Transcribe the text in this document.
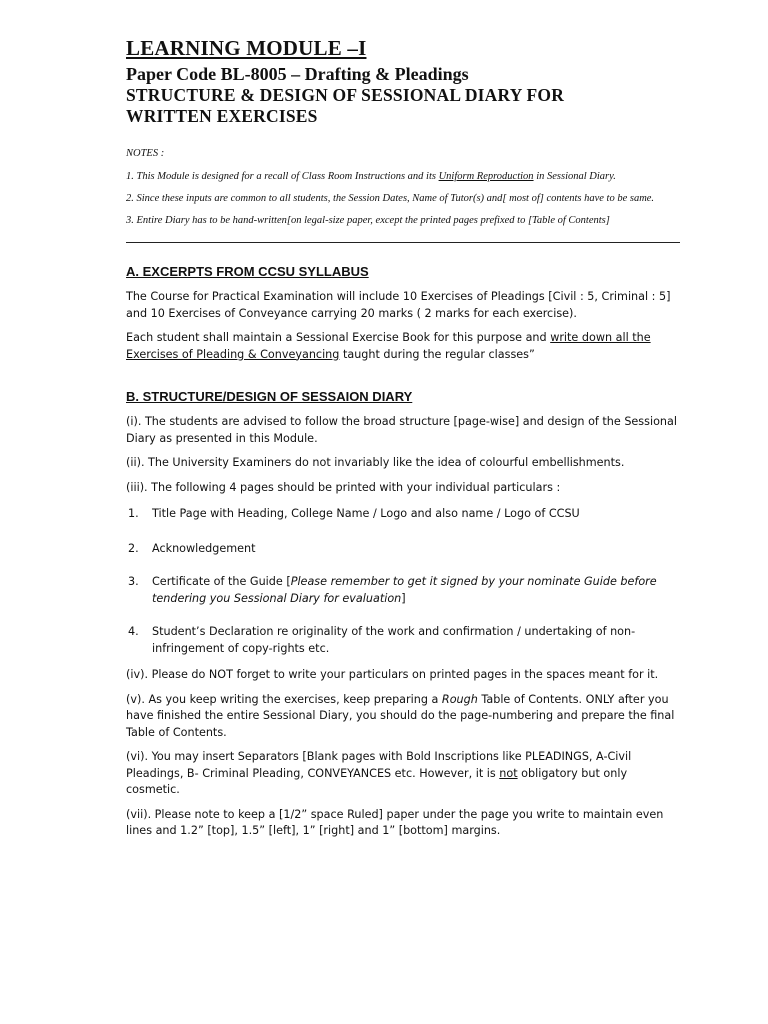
LEARNING MODULE –I

Paper Code BL-8005 – Drafting & Pleadings

STRUCTURE & DESIGN OF SESSIONAL DIARY FOR

WRITTEN EXERCISES

NOTES :

1. This Module is designed for a recall of Class Room Instructions and its Uniform Reproduction in Sessional Diary.

2. Since these inputs are common to all students, the Session Dates, Name of Tutor(s) and[ most of] contents have to be same.

3. Entire Diary has to be hand-written[on legal-size paper, except the printed pages prefixed to [Table of Contents]

A. EXCERPTS FROM CCSU SYLLABUS

The Course for Practical Examination will include 10 Exercises of Pleadings [Civil : 5, Criminal : 5] and 10 Exercises of Conveyance carrying 20 marks ( 2 marks for each exercise).

Each student shall maintain a Sessional Exercise Book for this purpose and write down all the Exercises of Pleading & Conveyancing taught during the regular classes”

B. STRUCTURE/DESIGN OF SESSAION DIARY

(i). The students are advised to follow the broad structure [page-wise] and design of the Sessional Diary as presented in this Module.

(ii). The University Examiners do not invariably like the idea of colourful embellishments.

(iii). The following 4 pages should be printed with your individual particulars :

1. Title Page with Heading, College Name / Logo and also name / Logo of CCSU
2. Acknowledgement
3. Certificate of the Guide [Please remember to get it signed by your nominate Guide before tendering you Sessional Diary for evaluation]
4. Student’s Declaration re originality of the work and confirmation / undertaking of non-infringement of copy-rights etc.

(iv). Please do NOT forget to write your particulars on printed pages in the spaces meant for it.

(v). As you keep writing the exercises, keep preparing a Rough Table of Contents. ONLY after you have finished the entire Sessional Diary, you should do the page-numbering and prepare the final Table of Contents.

(vi). You may insert Separators [Blank pages with Bold Inscriptions like PLEADINGS, A-Civil Pleadings, B- Criminal Pleading, CONVEYANCES etc. However, it is not obligatory but only cosmetic.

(vii). Please note to keep a [1/2” space Ruled] paper under the page you write to maintain even lines and 1.2” [top], 1.5” [left], 1” [right] and 1” [bottom] margins.
